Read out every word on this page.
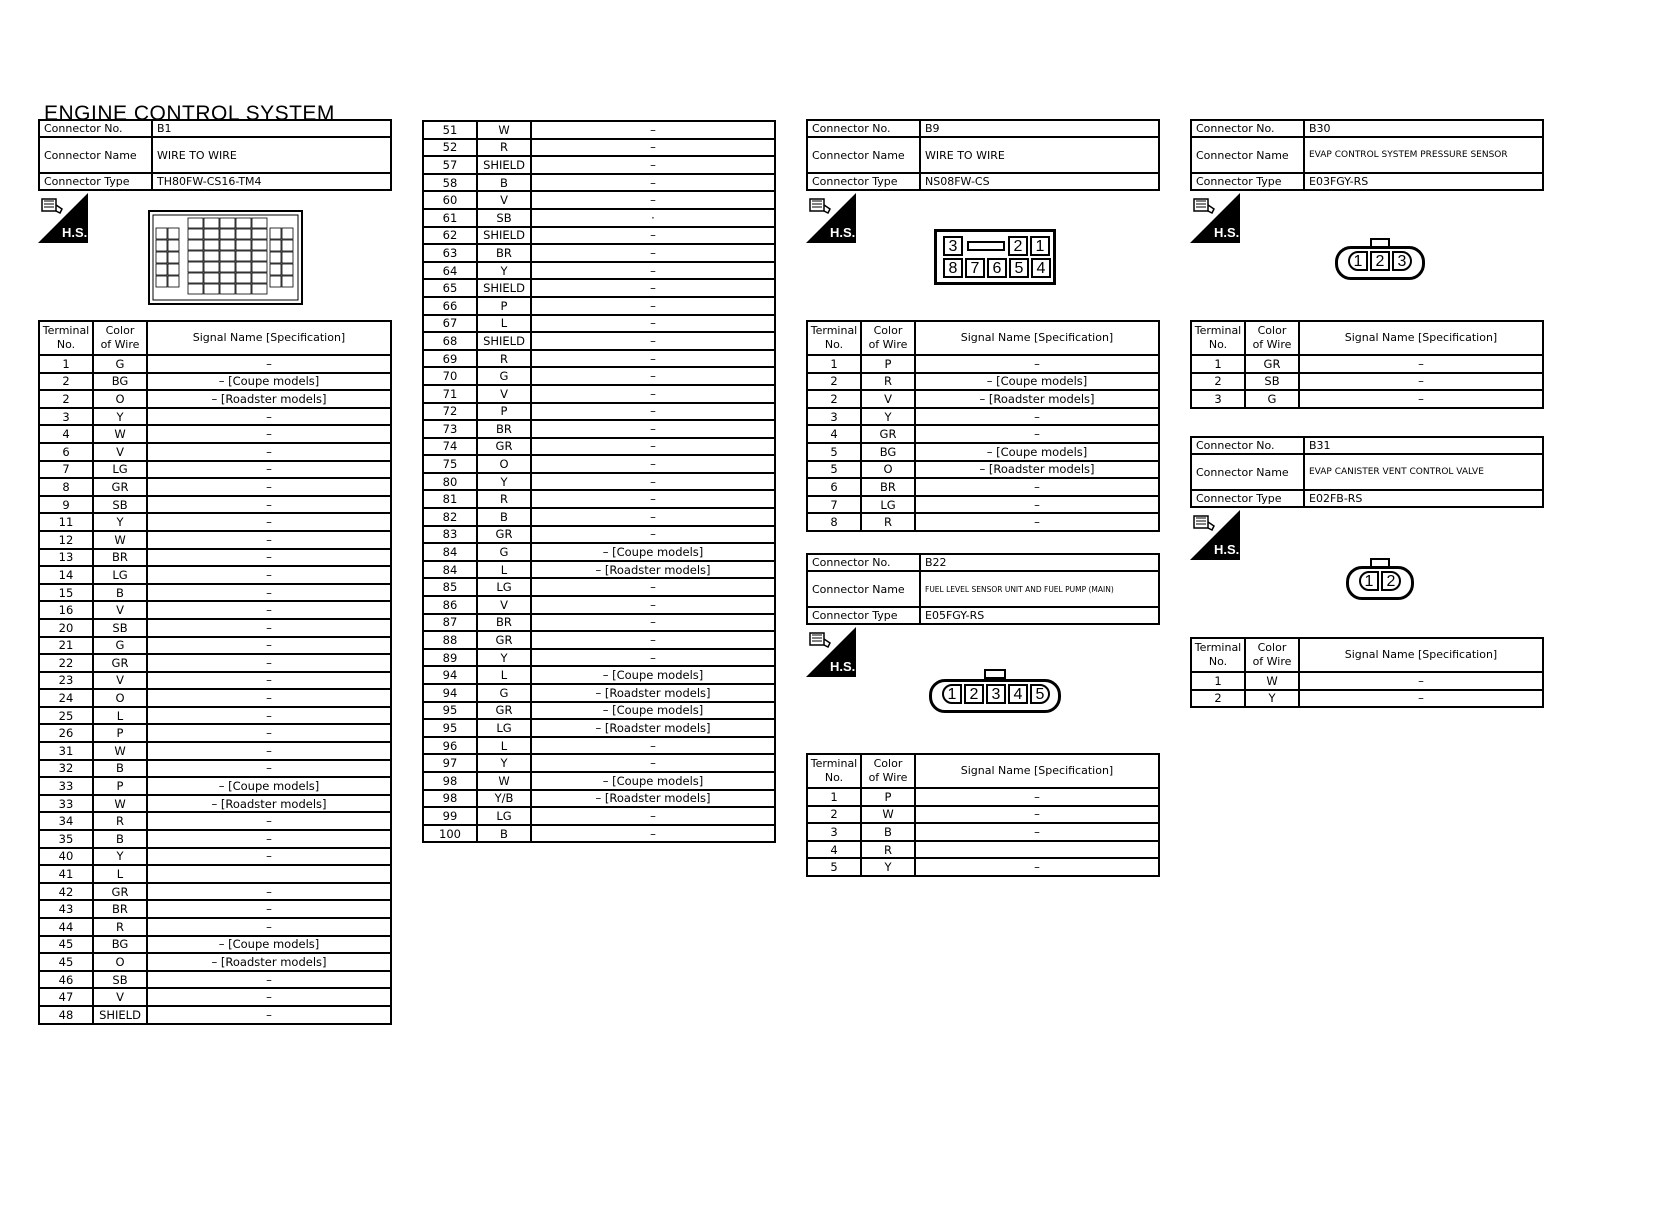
ENGINE CONTROL SYSTEM
Connector No.	B1
Connector Name	WIRE TO WIRE
Connector Type	TH80FW-CS16-TM4
H.S.
Terminal
No.	Color
of Wire	Signal Name [Specification]
1	G	–
2	BG	– [Coupe models]
2	O	– [Roadster models]
3	Y	–
4	W	–
6	V	–
7	LG	–
8	GR	–
9	SB	–
11	Y	–
12	W	–
13	BR	–
14	LG	–
15	B	–
16	V	–
20	SB	–
21	G	–
22	GR	–
23	V	–
24	O	–
25	L	–
26	P	–
31	W	–
32	B	–
33	P	– [Coupe models]
33	W	– [Roadster models]
34	R	–
35	B	–
40	Y	–
41	L	
42	GR	–
43	BR	–
44	R	–
45	BG	– [Coupe models]
45	O	– [Roadster models]
46	SB	–
47	V	–
48	SHIELD	–
51	W	–
52	R	–
57	SHIELD	–
58	B	–
60	V	–
61	SB	·
62	SHIELD	–
63	BR	–
64	Y	–
65	SHIELD	–
66	P	–
67	L	–
68	SHIELD	–
69	R	–
70	G	–
71	V	–
72	P	–
73	BR	–
74	GR	–
75	O	–
80	Y	–
81	R	–
82	B	–
83	GR	–
84	G	– [Coupe models]
84	L	– [Roadster models]
85	LG	–
86	V	–
87	BR	–
88	GR	–
89	Y	–
94	L	– [Coupe models]
94	G	– [Roadster models]
95	GR	– [Coupe models]
95	LG	– [Roadster models]
96	L	–
97	Y	–
98	W	– [Coupe models]
98	Y/B	– [Roadster models]
99	LG	–
100	B	–
Connector No.	B9
Connector Name	WIRE TO WIRE
Connector Type	NS08FW-CS
H.S.
3	2 1
8 7 6 5 4
Terminal
No.	Color
of Wire	Signal Name [Specification]
1	P	–
2	R	– [Coupe models]
2	V	– [Roadster models]
3	Y	–
4	GR	–
5	BG	– [Coupe models]
5	O	– [Roadster models]
6	BR	–
7	LG	–
8	R	–
Connector No.	B22
Connector Name	FUEL LEVEL SENSOR UNIT AND FUEL PUMP (MAIN)
Connector Type	E05FGY-RS
H.S.
1 2 3 4 5
Terminal
No.	Color
of Wire	Signal Name [Specification]
1	P	–
2	W	–
3	B	–
4	R	
5	Y	–
Connector No.	B30
Connector Name	EVAP CONTROL SYSTEM PRESSURE SENSOR
Connector Type	E03FGY-RS
H.S.
1 2 3
Terminal
No.	Color
of Wire	Signal Name [Specification]
1	GR	–
2	SB	–
3	G	–
Connector No.	B31
Connector Name	EVAP CANISTER VENT CONTROL VALVE
Connector Type	E02FB-RS
H.S.
1 2
Terminal
No.	Color
of Wire	Signal Name [Specification]
1	W	–
2	Y	–
